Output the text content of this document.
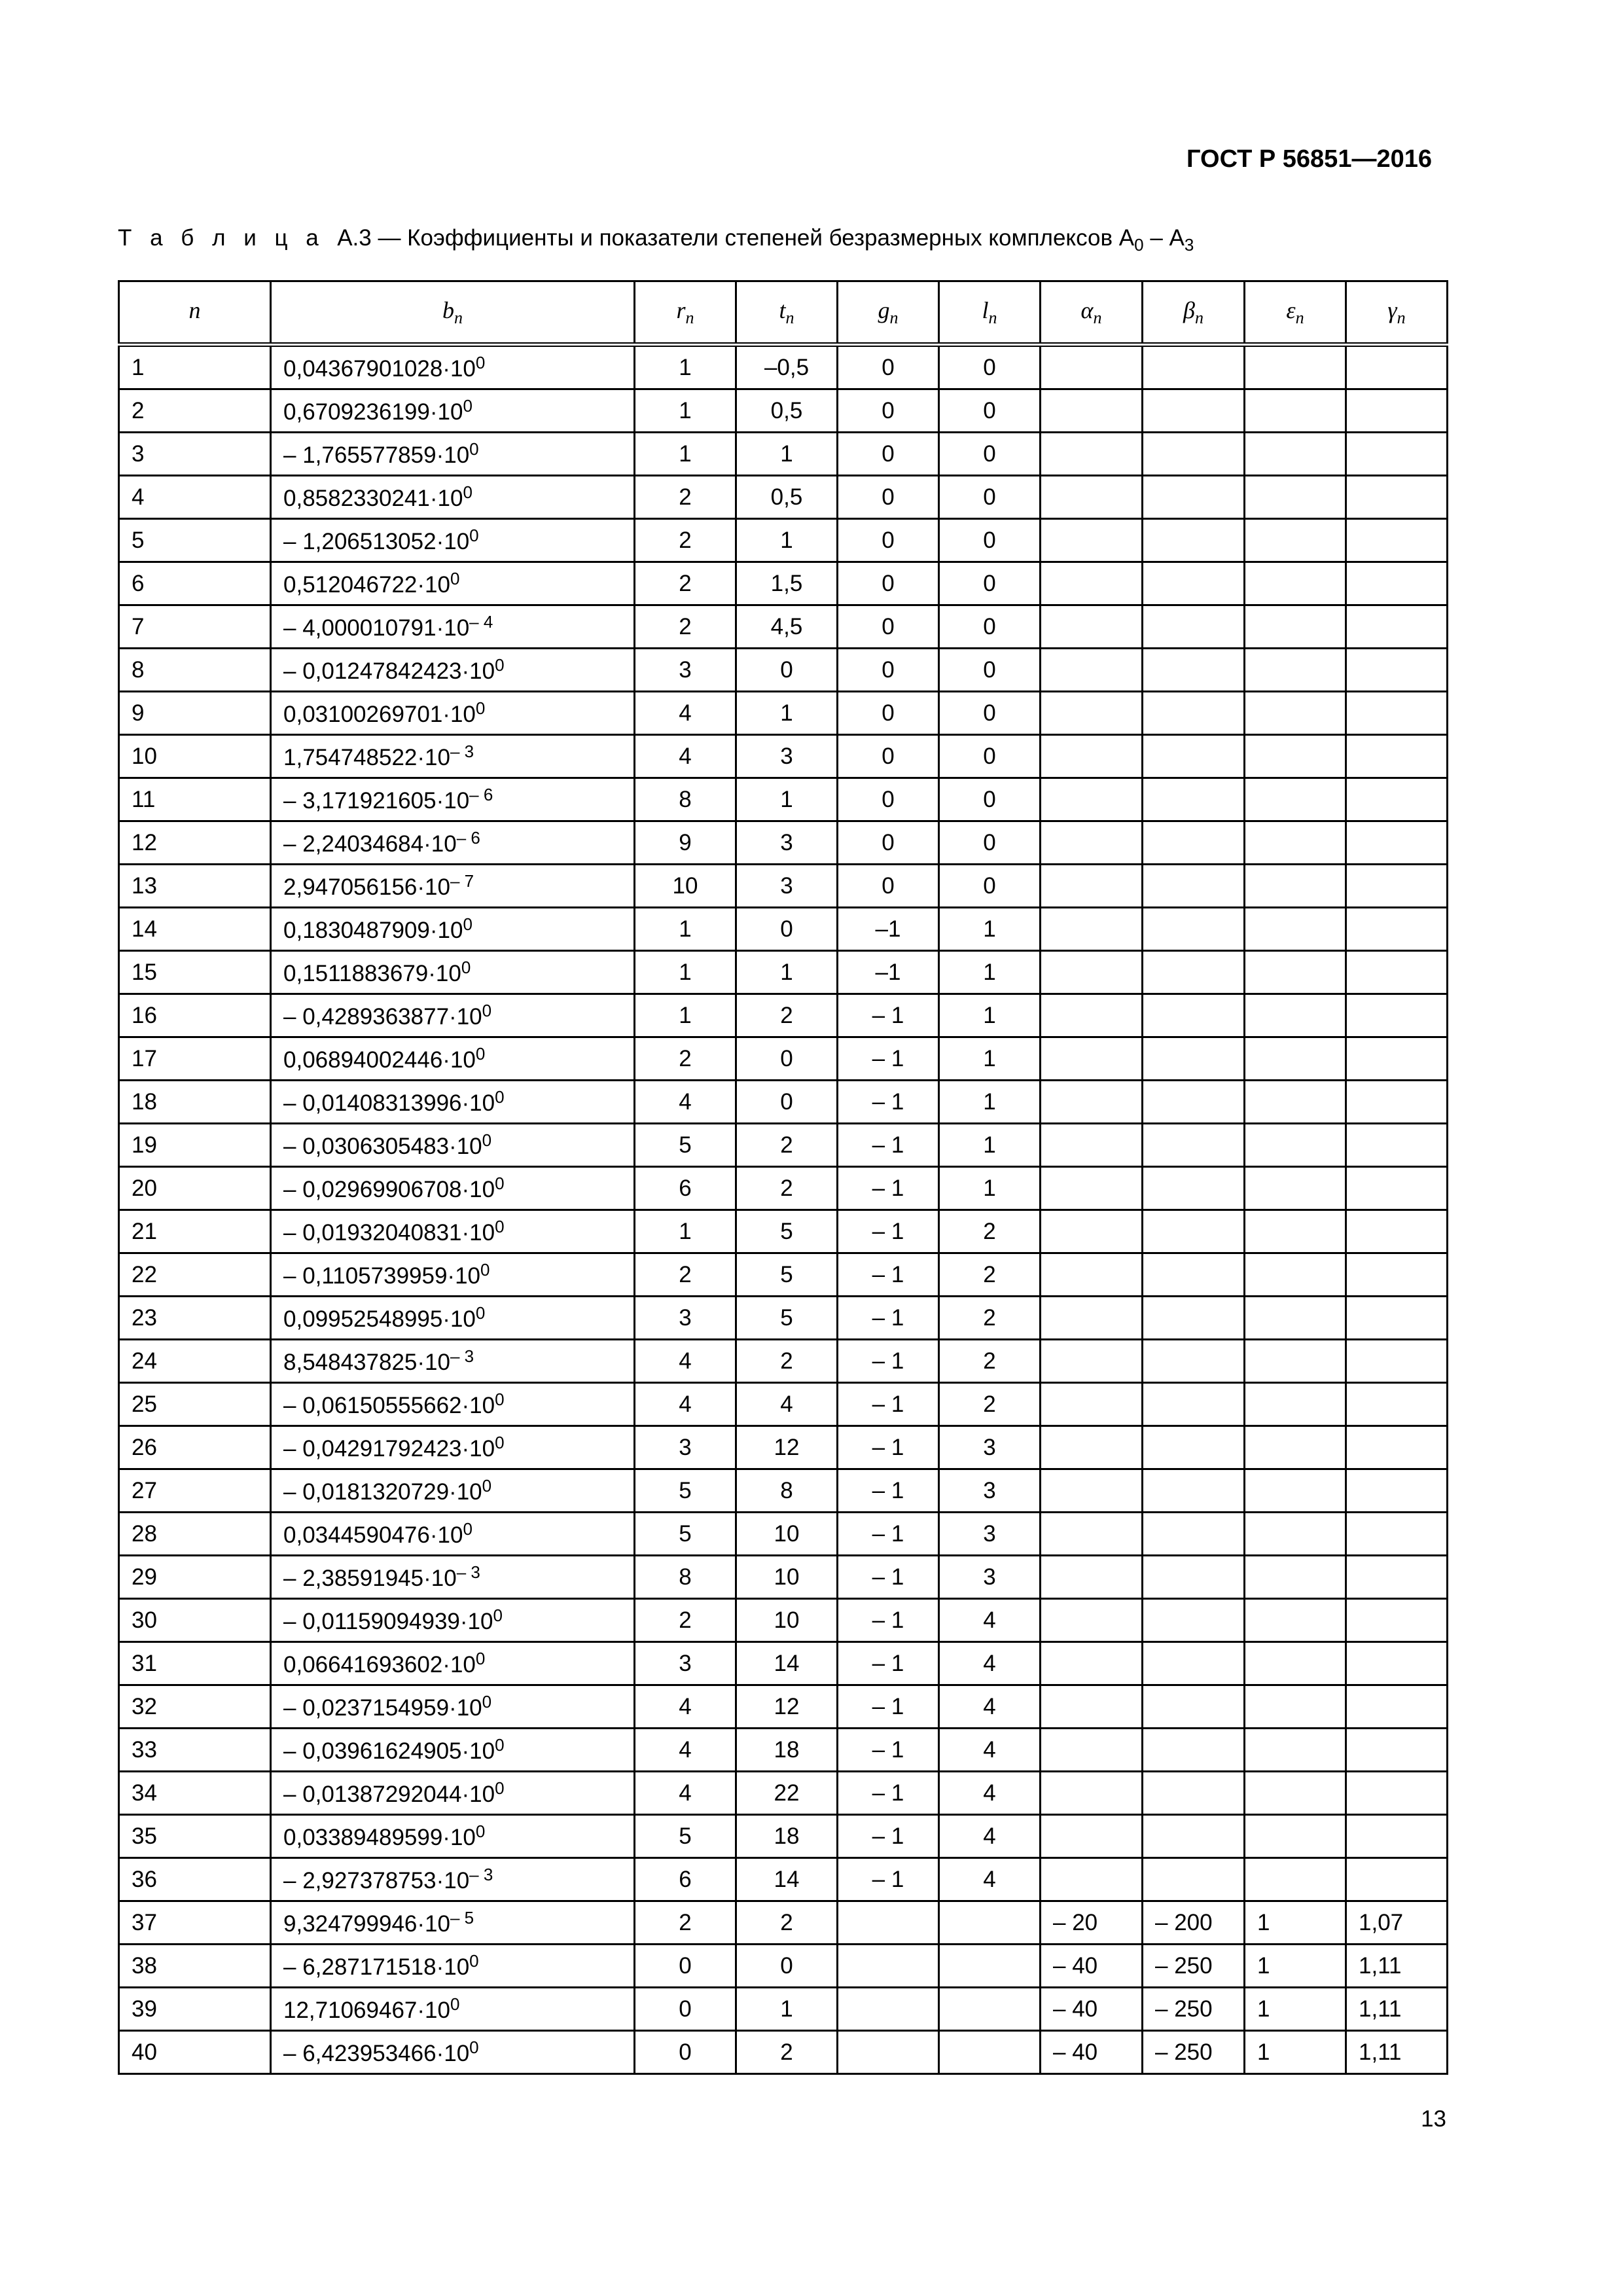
ГОСТ Р 56851—2016
Т а б л и ц а А.3 — Коэффициенты и показатели степеней безразмерных комплексов $А_0 - А_3$
n	$b_n$	$r_n$	$t_n$	$g_n$	$l_n$	$\alpha_n$	$\beta_n$	$\varepsilon_n$	$\gamma_n$
1	$0,04367901028\cdot 10^0$	1	–0,5	0	0				
2	$0,6709236199\cdot 10^0$	1	0,5	0	0				
3	– $1,765577859\cdot 10^0$	1	1	0	0				
4	$0,8582330241\cdot 10^0$	2	0,5	0	0				
5	– $1,206513052\cdot 10^0$	2	1	0	0				
6	$0,512046722\cdot 10^0$	2	1,5	0	0				
7	– $4,000010791\cdot 10^{- 4}$	2	4,5	0	0				
8	– $0,01247842423\cdot 10^0$	3	0	0	0				
9	$0,03100269701\cdot 10^0$	4	1	0	0				
10	$1,754748522\cdot 10^{- 3}$	4	3	0	0				
11	– $3,171921605\cdot 10^{- 6}$	8	1	0	0				
12	– $2,24034684\cdot 10^{- 6}$	9	3	0	0				
13	$2,947056156\cdot 10^{- 7}$	10	3	0	0				
14	$0,1830487909\cdot 10^0$	1	0	–1	1				
15	$0,1511883679\cdot 10^0$	1	1	–1	1				
16	– $0,4289363877\cdot 10^0$	1	2	– 1	1				
17	$0,06894002446\cdot 10^0$	2	0	– 1	1				
18	– $0,01408313996\cdot 10^0$	4	0	– 1	1				
19	– $0,0306305483\cdot 10^0$	5	2	– 1	1				
20	– $0,02969906708\cdot 10^0$	6	2	– 1	1				
21	– $0,01932040831\cdot 10^0$	1	5	– 1	2				
22	– $0,1105739959\cdot 10^0$	2	5	– 1	2				
23	$0,09952548995\cdot 10^0$	3	5	– 1	2				
24	$8,548437825\cdot 10^{- 3}$	4	2	– 1	2				
25	– $0,06150555662\cdot 10^0$	4	4	– 1	2				
26	– $0,04291792423\cdot 10^0$	3	12	– 1	3				
27	– $0,0181320729\cdot 10^0$	5	8	– 1	3				
28	$0,0344590476\cdot 10^0$	5	10	– 1	3				
29	– $2,38591945\cdot 10^{- 3}$	8	10	– 1	3				
30	– $0,01159094939\cdot 10^0$	2	10	– 1	4				
31	$0,06641693602\cdot 10^0$	3	14	– 1	4				
32	– $0,0237154959\cdot 10^0$	4	12	– 1	4				
33	– $0,03961624905\cdot 10^0$	4	18	– 1	4				
34	– $0,01387292044\cdot 10^0$	4	22	– 1	4				
35	$0,03389489599\cdot 10^0$	5	18	– 1	4				
36	– $2,927378753\cdot 10^{- 3}$	6	14	– 1	4				
37	$9,324799946\cdot 10^{- 5}$	2	2			– 20	– 200	1	1,07
38	– $6,287171518\cdot 10^0$	0	0			– 40	– 250	1	1,11
39	$12,71069467\cdot 10^0$	0	1			– 40	– 250	1	1,11
40	– $6,423953466\cdot 10^0$	0	2			– 40	– 250	1	1,11
13
